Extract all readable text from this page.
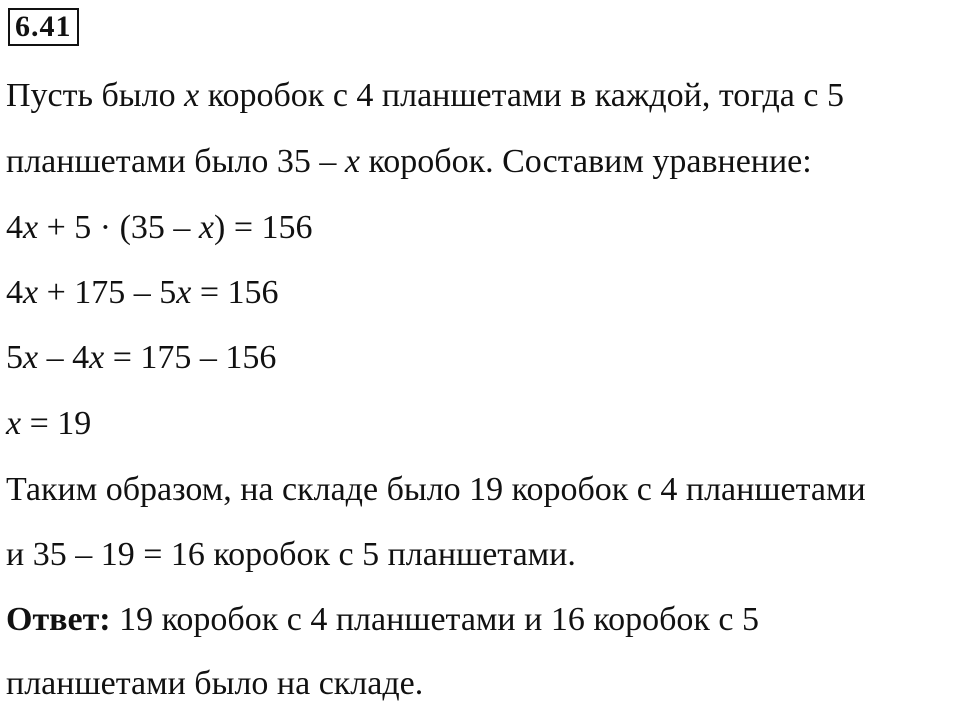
6.41
Пусть было x коробок с 4 планшетами в каждой, тогда с 5
планшетами было 35 – x коробок. Составим уравнение:
4x + 5 · (35 – x) = 156
4x + 175 – 5x = 156
5x – 4x = 175 – 156
x = 19
Таким образом, на складе было 19 коробок с 4 планшетами
и 35 – 19 = 16 коробок с 5 планшетами.
Ответ: 19 коробок с 4 планшетами и 16 коробок с 5
планшетами было на складе.
